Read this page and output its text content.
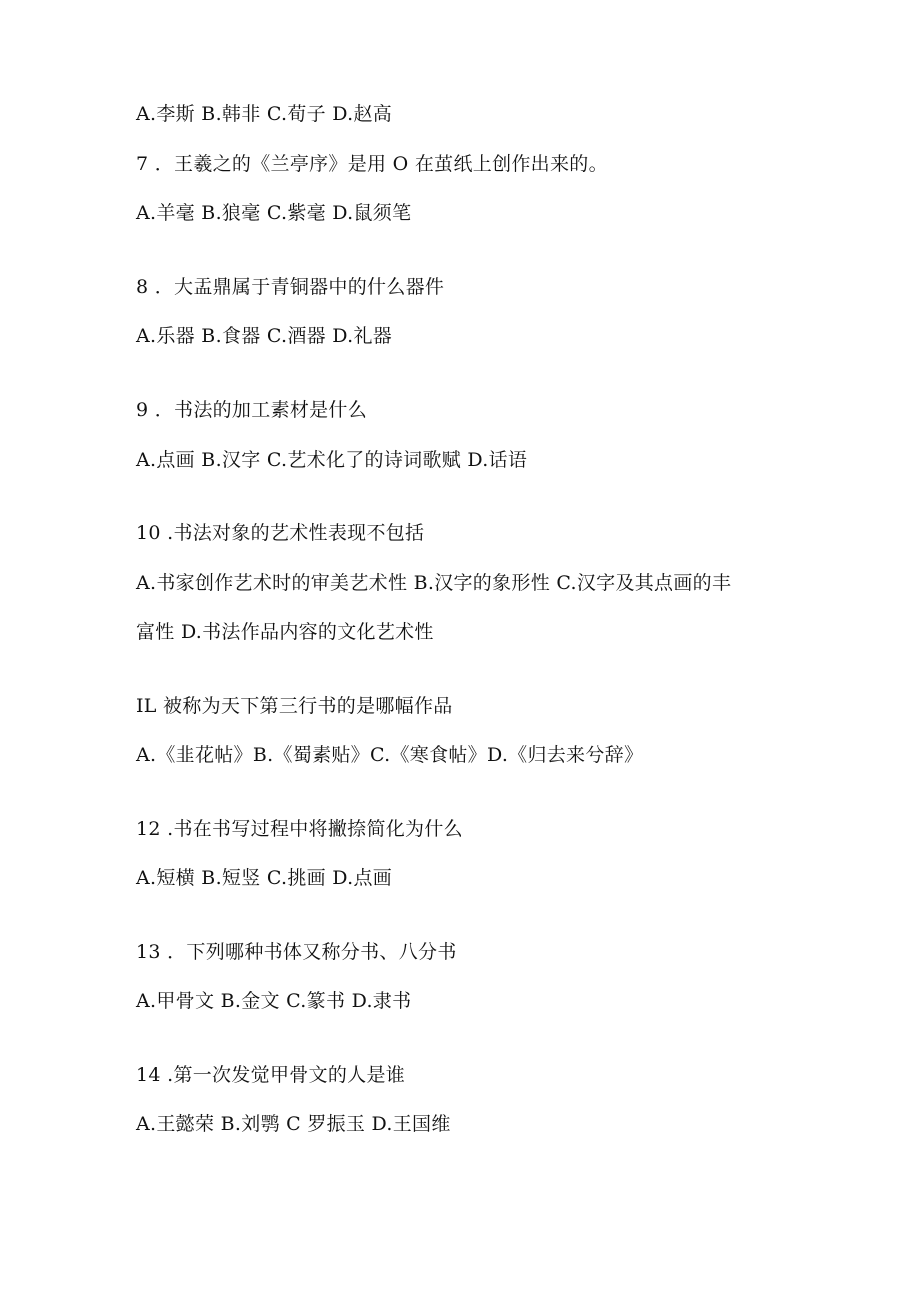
A.李斯 B.韩非 C.荀子 D.赵高
7 ．王羲之的《兰亭序》是用 O 在茧纸上创作出来的。
A.羊毫 B.狼毫 C.紫毫 D.鼠须笔
8 ．大盂鼎属于青铜器中的什么器件
A.乐器 B.食器 C.酒器 D.礼器
9 ．书法的加工素材是什么
A.点画 B.汉字 C.艺术化了的诗词歌赋 D.话语
10 .书法对象的艺术性表现不包括
A.书家创作艺术时的审美艺术性 B.汉字的象形性 C.汉字及其点画的丰
富性 D.书法作品内容的文化艺术性
IL 被称为天下第三行书的是哪幅作品
A.《韭花帖》B.《蜀素贴》C.《寒食帖》D.《归去来兮辞》
12 .书在书写过程中将撇捺简化为什么
A.短横 B.短竖 C.挑画 D.点画
13 ．下列哪种书体又称分书、八分书
A.甲骨文 B.金文 C.篆书 D.隶书
14 .第一次发觉甲骨文的人是谁
A.王懿荣 B.刘鹗 C 罗振玉 D.王国维
